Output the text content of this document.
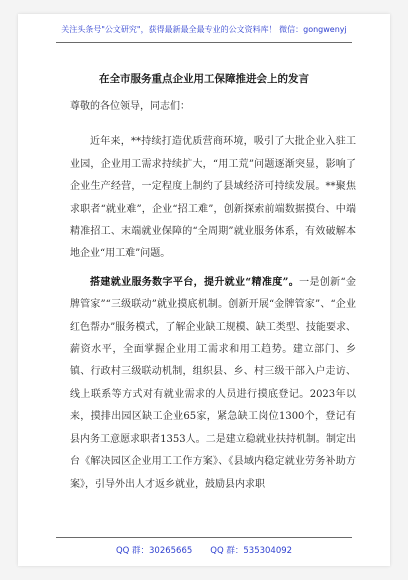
关注头条号"公文研究"，获得最新最全最专业的公文资料库！ 微信：gongwenyj
在全市服务重点企业用工保障推进会上的发言

尊敬的各位领导，同志们：

近年来，**持续打造优质营商环境，吸引了大批企业入驻工业园，企业用工需求持续扩大，“用工荒”问题逐渐突显，影响了企业生产经营，一定程度上制约了县域经济可持续发展。**聚焦求职者“就业难”，企业“招工难”，创新探索前端数据摸台、中端精准招工、末端就业保障的“全周期”就业服务体系，有效破解本地企业“用工难”问题。

搭建就业服务数字平台，提升就业“精准度”。一是创新“金牌管家”“三级联动”就业摸底机制。创新开展“金牌管家”、“企业红色帮办”服务模式，了解企业缺工规模、缺工类型、技能要求、薪资水平，全面掌握企业用工需求和用工趋势。建立部门、乡镇、行政村三级联动机制，组织县、乡、村三级干部入户走访、线上联系等方式对有就业需求的人员进行摸底登记。2023年以来，摸排出园区缺工企业65家，紧急缺工岗位1300个，登记有县内务工意愿求职者1353人。二是建立稳就业扶持机制。制定出台《解决园区企业用工工作方案》、《县域内稳定就业劳务补助方案》，引导外出人才返乡就业，鼓励县内求职

QQ 群：30265665 QQ 群：535304092
